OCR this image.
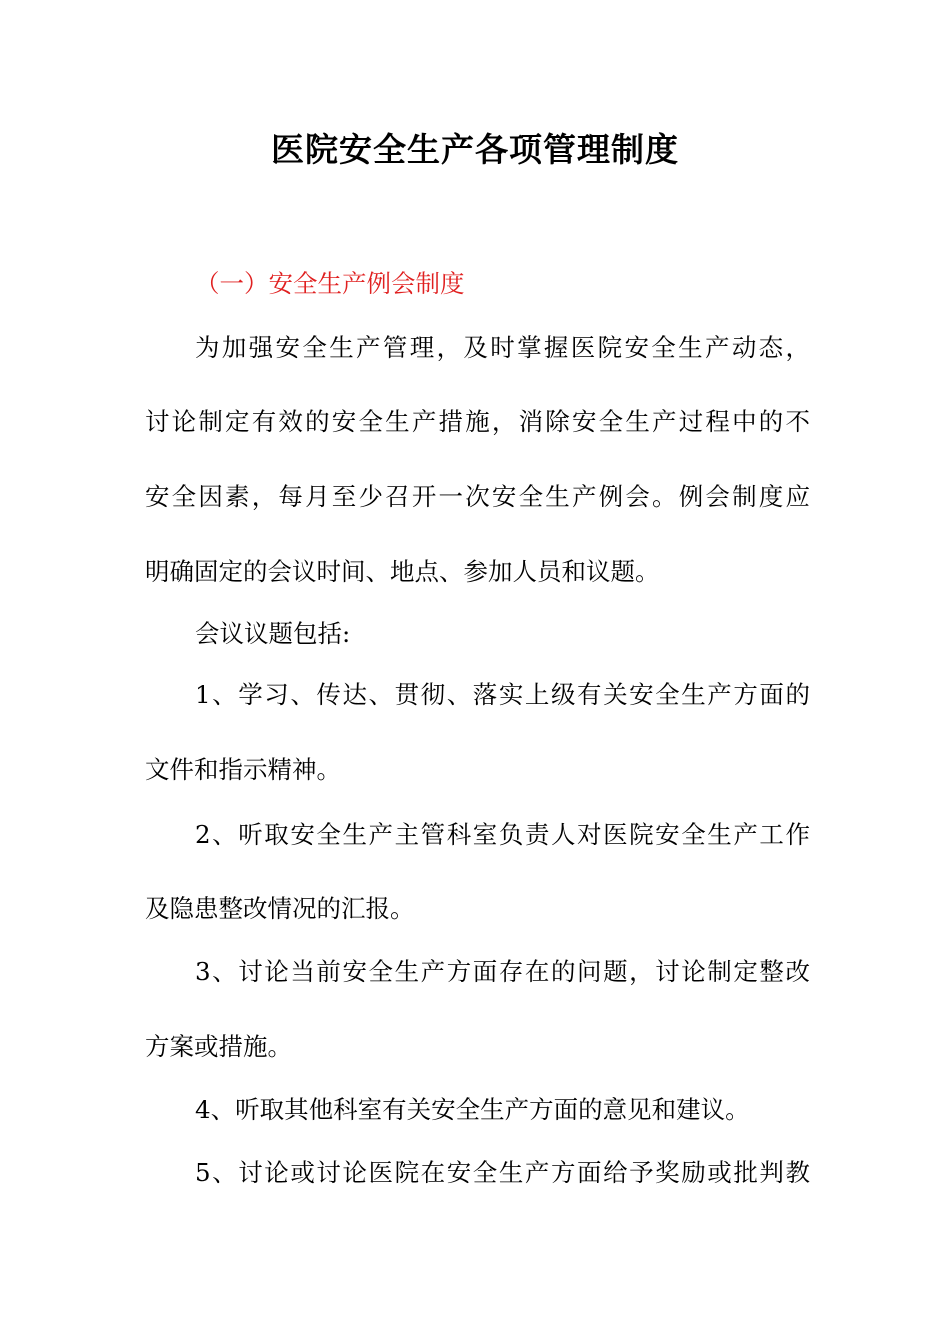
医院安全生产各项管理制度

（一）安全生产例会制度

为加强安全生产管理，及时掌握医院安全生产动态，

讨论制定有效的安全生产措施，消除安全生产过程中的不

安全因素，每月至少召开一次安全生产例会。例会制度应

明确固定的会议时间、地点、参加人员和议题。

会议议题包括:

1、学习、传达、贯彻、落实上级有关安全生产方面的

文件和指示精神。

2、听取安全生产主管科室负责人对医院安全生产工作

及隐患整改情况的汇报。

3、讨论当前安全生产方面存在的问题，讨论制定整改

方案或措施。

4、听取其他科室有关安全生产方面的意见和建议。

5、讨论或讨论医院在安全生产方面给予奖励或批判教
